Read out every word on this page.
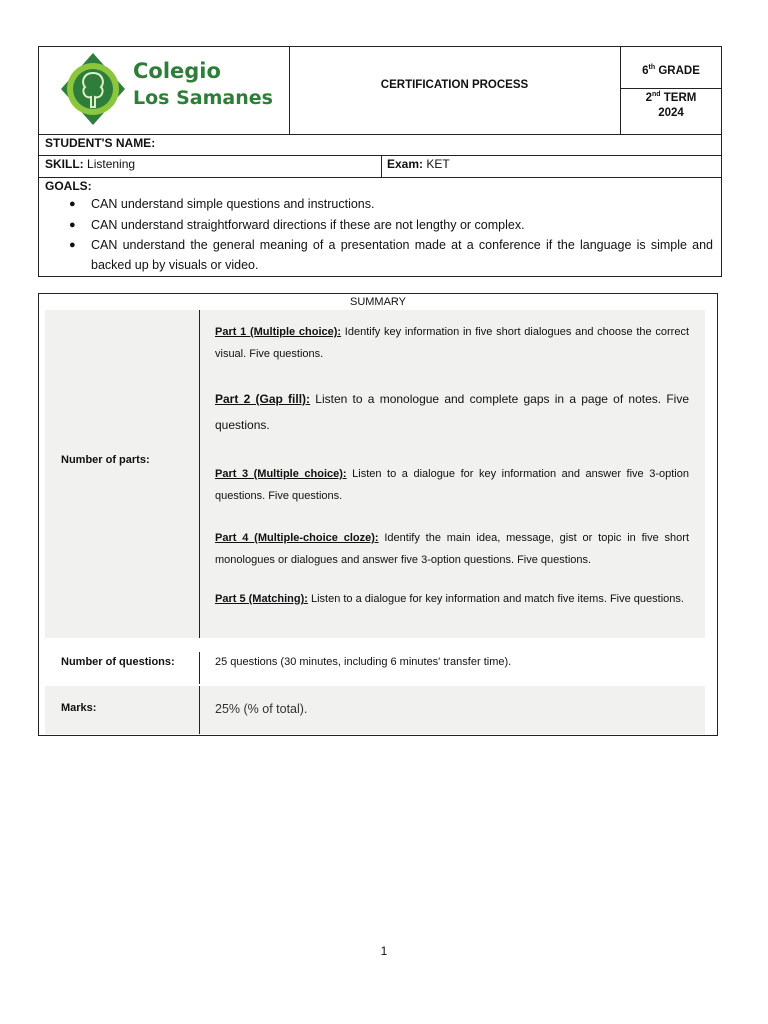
Colegio
Los Samanes
CERTIFICATION PROCESS
6th GRADE
2nd TERM
2024
STUDENT'S NAME:
SKILL: Listening	Exam: KET
GOALS:
● CAN understand simple questions and instructions.
● CAN understand straightforward directions if these are not lengthy or complex.
● CAN understand the general meaning of a presentation made at a conference if the language is simple and backed up by visuals or video.
SUMMARY
Number of parts:
Part 1 (Multiple choice): Identify key information in five short dialogues and choose the correct visual. Five questions.
Part 2 (Gap fill): Listen to a monologue and complete gaps in a page of notes. Five questions.
Part 3 (Multiple choice): Listen to a dialogue for key information and answer five 3-option questions. Five questions.
Part 4 (Multiple-choice cloze): Identify the main idea, message, gist or topic in five short monologues or dialogues and answer five 3-option questions. Five questions.
Part 5 (Matching): Listen to a dialogue for key information and match five items. Five questions.
Number of questions:	25 questions (30 minutes, including 6 minutes' transfer time).
Marks:	25% (% of total).
1
